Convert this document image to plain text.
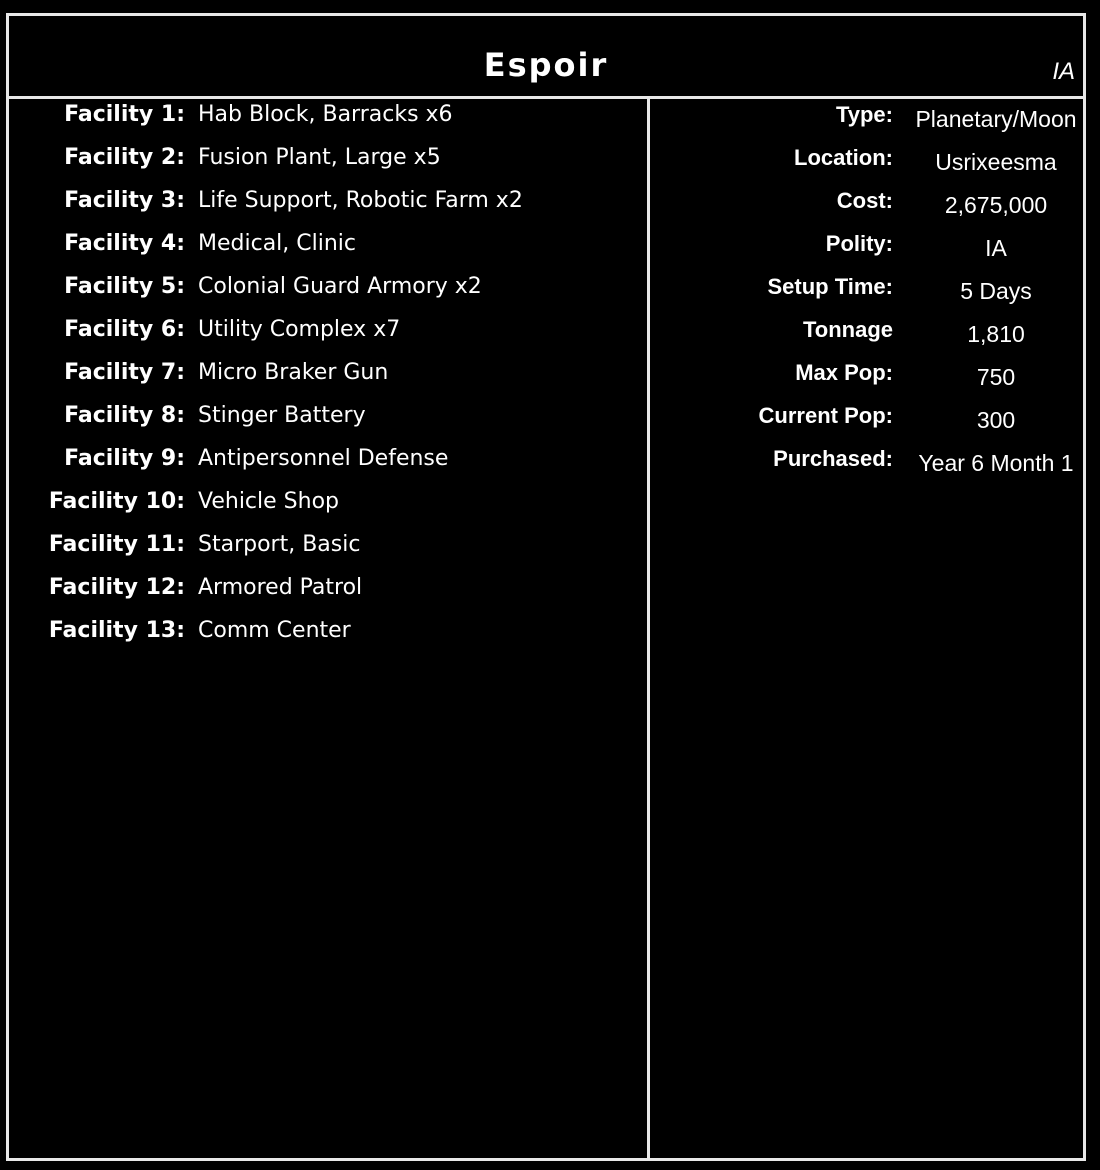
Espoir	IA
Facility 1: Hab Block, Barracks x6
Facility 2: Fusion Plant, Large x5
Facility 3: Life Support, Robotic Farm x2
Facility 4: Medical, Clinic
Facility 5: Colonial Guard Armory x2
Facility 6: Utility Complex x7
Facility 7: Micro Braker Gun
Facility 8: Stinger Battery
Facility 9: Antipersonnel Defense
Facility 10: Vehicle Shop
Facility 11: Starport, Basic
Facility 12: Armored Patrol
Facility 13: Comm Center
Type: Planetary/Moon
Location:	Usrixeesma
Cost:	2,675,000
Polity:	IA
Setup Time:	5 Days
Tonnage	1,810
Max Pop:	750
Current Pop:	300
Purchased:	Year 6 Month 1
